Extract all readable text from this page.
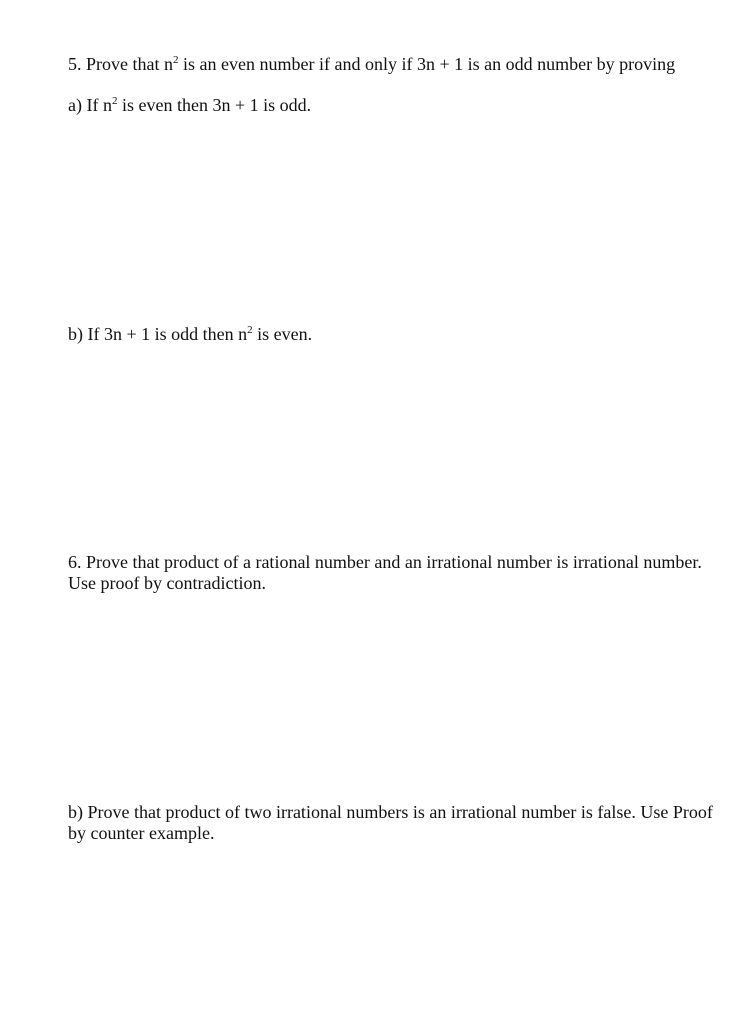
5. Prove that $n^2$ is an even number if and only if 3n + 1 is an odd number by proving

a) If $n^2$ is even then 3n + 1 is odd.

b) If 3n + 1 is odd then $n^2$ is even.

6. Prove that product of a rational number and an irrational number is irrational number.
Use proof by contradiction.

b) Prove that product of two irrational numbers is an irrational number is false. Use Proof
by counter example.
